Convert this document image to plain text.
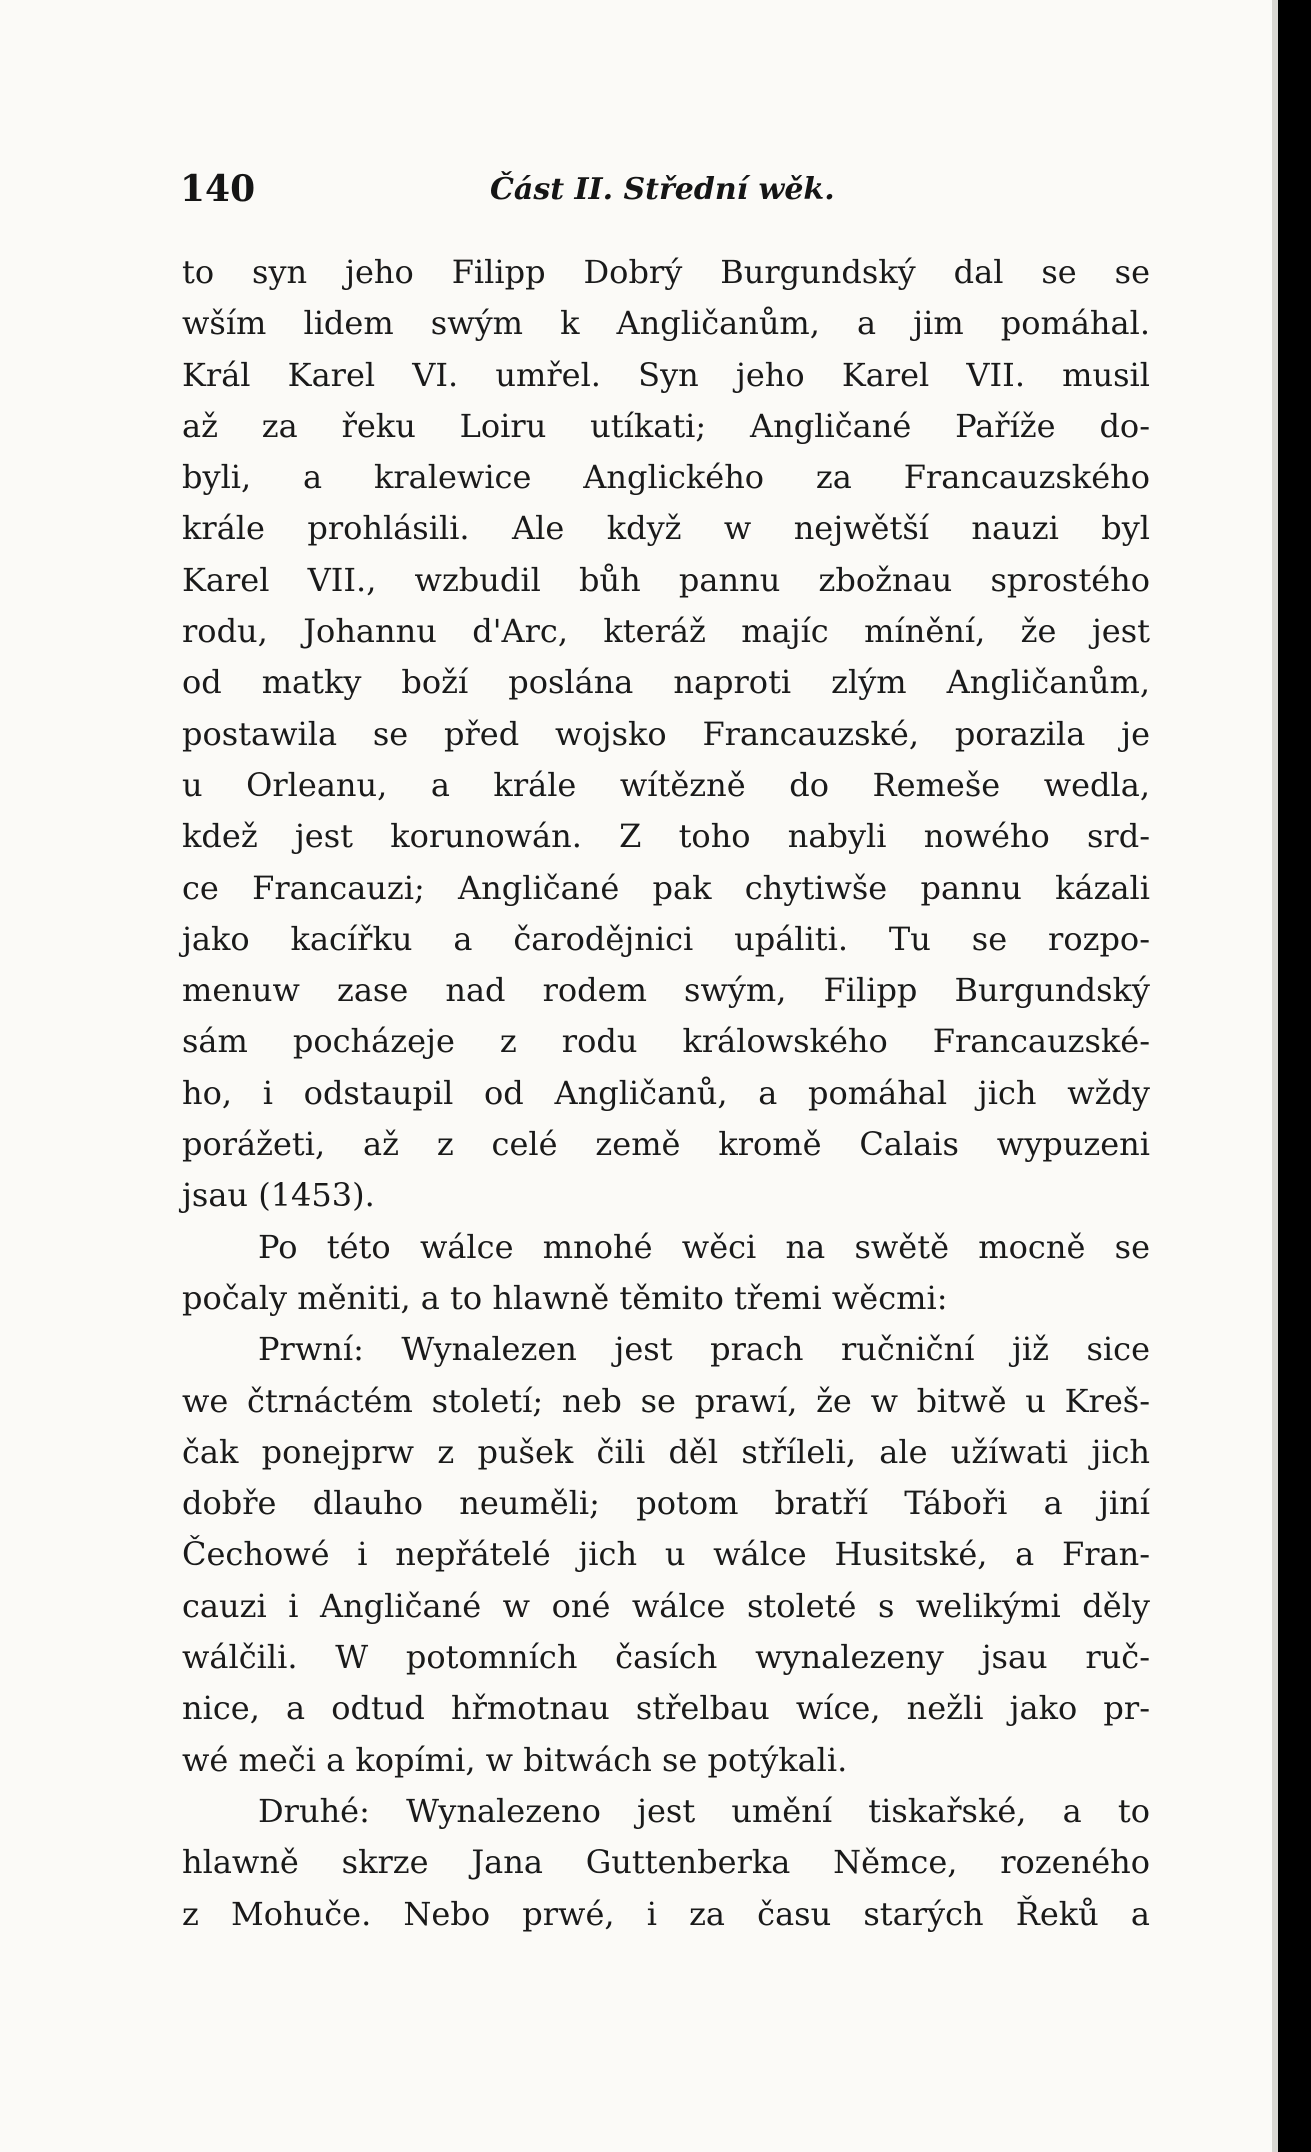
140	Část II. Střední wěk.
to syn jeho Filipp Dobrý Burgundský dal se se
wším lidem swým k Angličanům, a jim pomáhal.
Král Karel VI. umřel. Syn jeho Karel VII. musil
až za řeku Loiru utíkati; Angličané Paříže do-
byli, a kralewice Anglického za Francauzského
krále prohlásili. Ale když w nejwětší nauzi byl
Karel VII., wzbudil bůh pannu zbožnau sprostého
rodu, Johannu d'Arc, kteráž majíc mínění, že jest
od matky boží poslána naproti zlým Angličanům,
postawila se před wojsko Francauzské, porazila je
u Orleanu, a krále wítězně do Remeše wedla,
kdež jest korunowán. Z toho nabyli nowého srd-
ce Francauzi; Angličané pak chytiwše pannu kázali
jako kacířku a čarodějnici upáliti. Tu se rozpo-
menuw zase nad rodem swým, Filipp Burgundský
sám pocházeje z rodu králowského Francauzské-
ho, i odstaupil od Angličanů, a pomáhal jich wždy
porážeti, až z celé země kromě Calais wypuzeni
jsau (1453).
Po této wálce mnohé wěci na swětě mocně se
počaly měniti, a to hlawně těmito třemi wěcmi:
Prwní: Wynalezen jest prach ručniční již sice
we čtrnáctém století; neb se prawí, že w bitwě u Kreš-
čak ponejprw z pušek čili děl stříleli, ale užíwati jich
dobře dlauho neuměli; potom bratří Táboři a jiní
Čechowé i nepřátelé jich u wálce Husitské, a Fran-
cauzi i Angličané w oné wálce stoleté s welikými děly
wálčili. W potomních časích wynalezeny jsau ruč-
nice, a odtud hřmotnau střelbau wíce, nežli jako pr-
wé meči a kopími, w bitwách se potýkali.
Druhé: Wynalezeno jest umění tiskařské, a to
hlawně skrze Jana Guttenberka Němce, rozeného
z Mohuče. Nebo prwé, i za času starých Řeků a
